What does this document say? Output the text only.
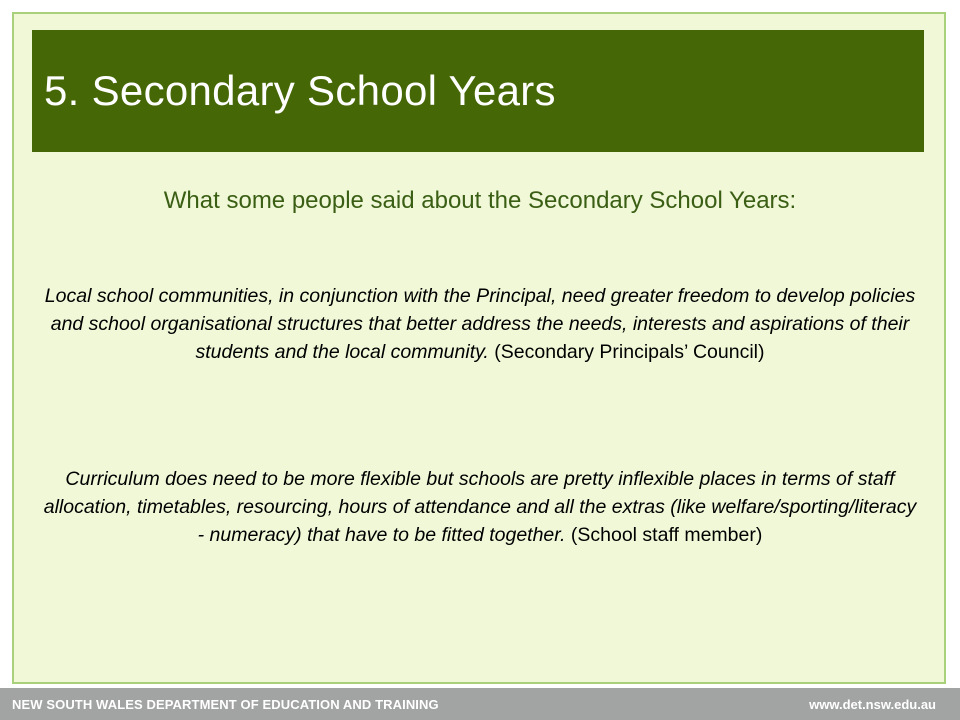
5. Secondary School Years
What some people said about the Secondary School Years:
Local school communities, in conjunction with the Principal, need greater freedom to develop policies and school organisational structures that better address the needs, interests and aspirations of their students and the local community. (Secondary Principals’ Council)
Curriculum does need to be more flexible but schools are pretty inflexible places in terms of staff allocation, timetables, resourcing, hours of attendance and all the extras (like welfare/sporting/literacy - numeracy) that have to be fitted together. (School staff member)
NEW SOUTH WALES DEPARTMENT OF EDUCATION AND TRAINING	www.det.nsw.edu.au
